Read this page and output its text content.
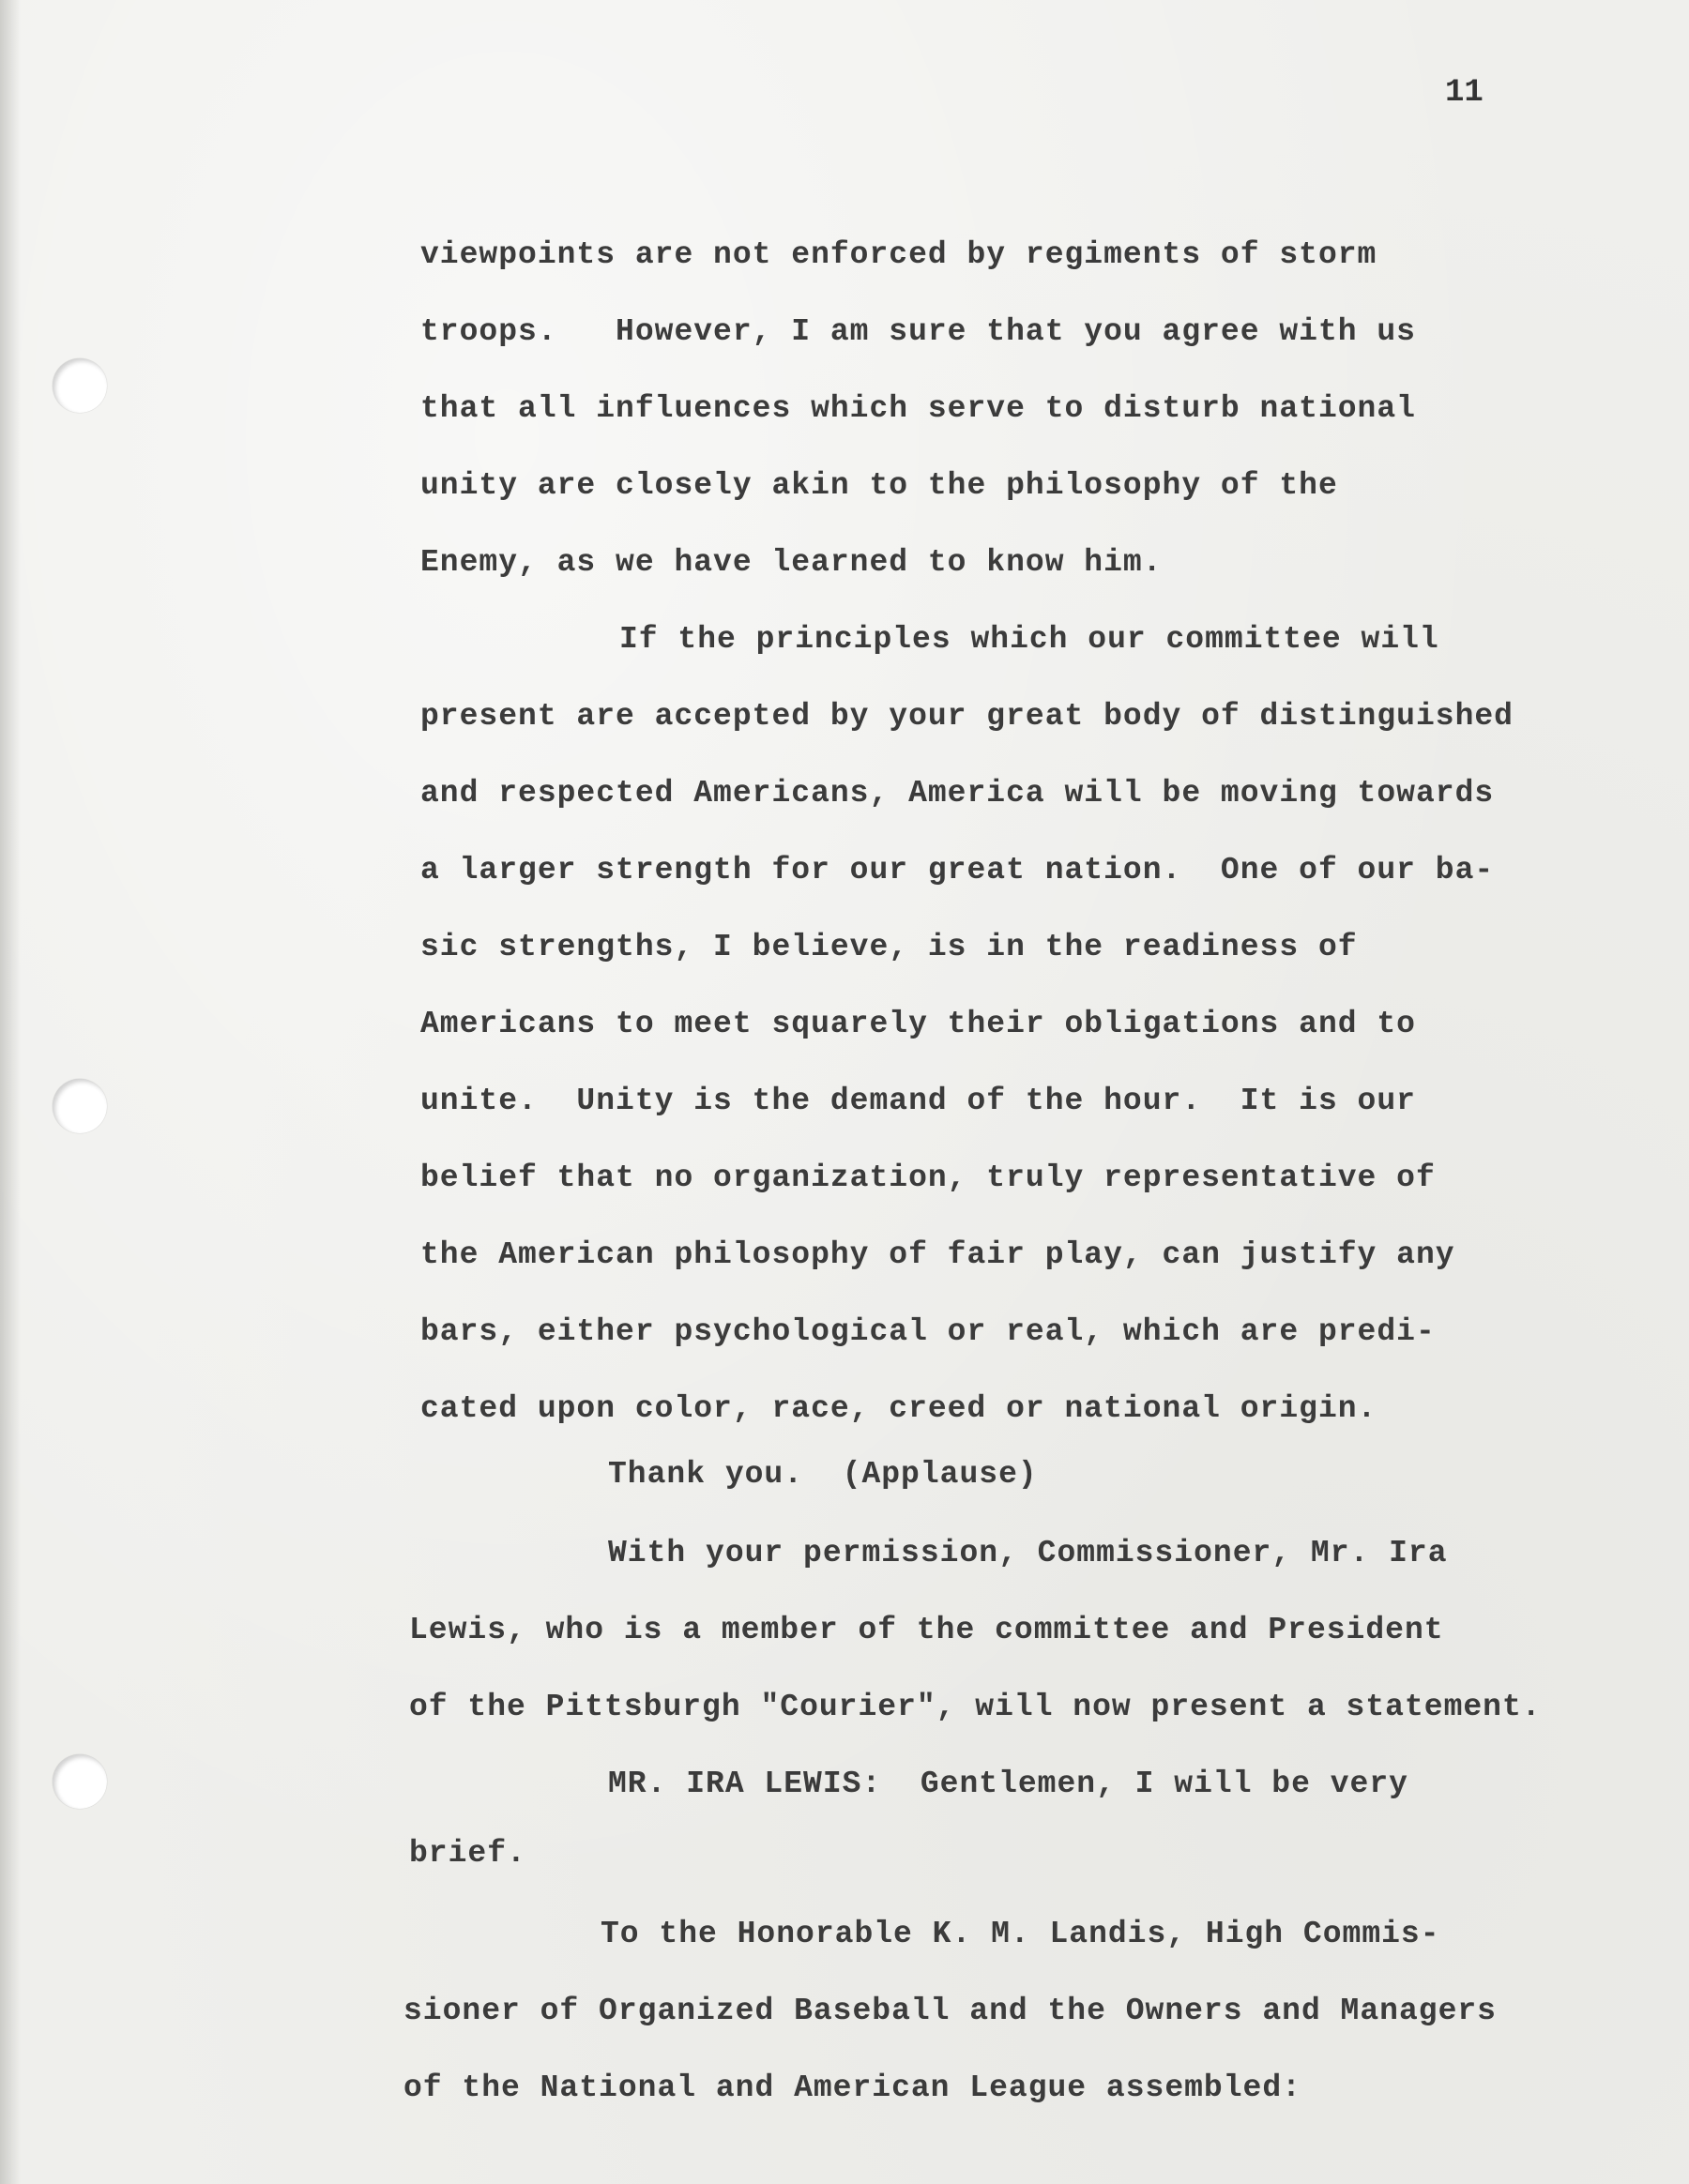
11
viewpoints are not enforced by regiments of storm
troops.   However, I am sure that you agree with us
that all influences which serve to disturb national
unity are closely akin to the philosophy of the
Enemy, as we have learned to know him.
If the principles which our committee will
present are accepted by your great body of distinguished
and respected Americans, America will be moving towards
a larger strength for our great nation.  One of our ba-
sic strengths, I believe, is in the readiness of
Americans to meet squarely their obligations and to
unite.  Unity is the demand of the hour.  It is our
belief that no organization, truly representative of
the American philosophy of fair play, can justify any
bars, either psychological or real, which are predi-
cated upon color, race, creed or national origin.
Thank you.  (Applause)
With your permission, Commissioner, Mr. Ira
Lewis, who is a member of the committee and President
of the Pittsburgh "Courier", will now present a statement.
MR. IRA LEWIS:  Gentlemen, I will be very
brief.
To the Honorable K. M. Landis, High Commis-
sioner of Organized Baseball and the Owners and Managers
of the National and American League assembled:
